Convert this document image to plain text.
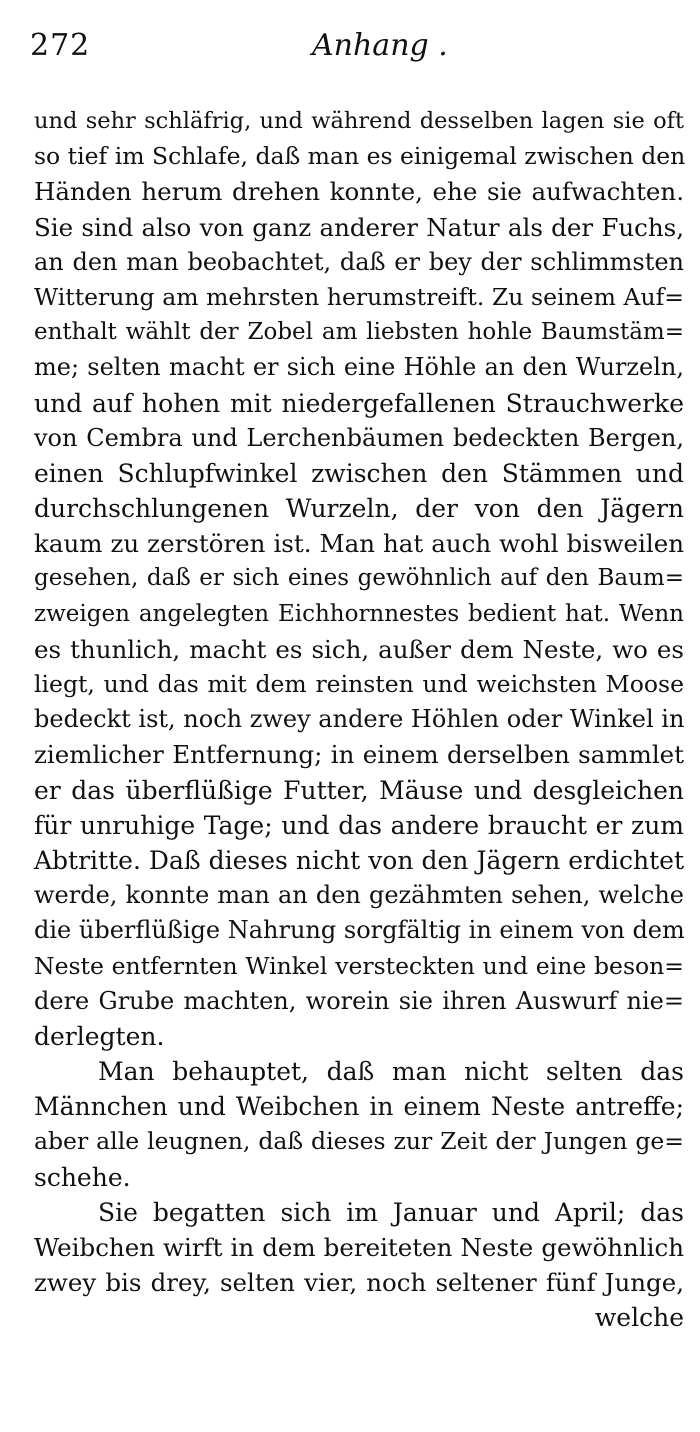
272	Anhang .
und sehr schläfrig, und während desselben lagen sie oft
so tief im Schlafe, daß man es einigemal zwischen den
Händen herum drehen konnte, ehe sie aufwachten.
Sie sind also von ganz anderer Natur als der Fuchs,
an den man beobachtet, daß er bey der schlimmsten
Witterung am mehrsten herumstreift. Zu seinem Auf=
enthalt wählt der Zobel am liebsten hohle Baumstäm=
me; selten macht er sich eine Höhle an den Wurzeln,
und auf hohen mit niedergefallenen Strauchwerke
von Cembra und Lerchenbäumen bedeckten Bergen,
einen Schlupfwinkel zwischen den Stämmen und
durchschlungenen Wurzeln, der von den Jägern
kaum zu zerstören ist. Man hat auch wohl bisweilen
gesehen, daß er sich eines gewöhnlich auf den Baum=
zweigen angelegten Eichhornnestes bedient hat. Wenn
es thunlich, macht es sich, außer dem Neste, wo es
liegt, und das mit dem reinsten und weichsten Moose
bedeckt ist, noch zwey andere Höhlen oder Winkel in
ziemlicher Entfernung; in einem derselben sammlet
er das überflüßige Futter, Mäuse und desgleichen
für unruhige Tage; und das andere braucht er zum
Abtritte. Daß dieses nicht von den Jägern erdichtet
werde, konnte man an den gezähmten sehen, welche
die überflüßige Nahrung sorgfältig in einem von dem
Neste entfernten Winkel versteckten und eine beson=
dere Grube machten, worein sie ihren Auswurf nie=
derlegten.
Man behauptet, daß man nicht selten das
Männchen und Weibchen in einem Neste antreffe;
aber alle leugnen, daß dieses zur Zeit der Jungen ge=
schehe.
Sie begatten sich im Januar und April; das
Weibchen wirft in dem bereiteten Neste gewöhnlich
zwey bis drey, selten vier, noch seltener fünf Junge,
welche
